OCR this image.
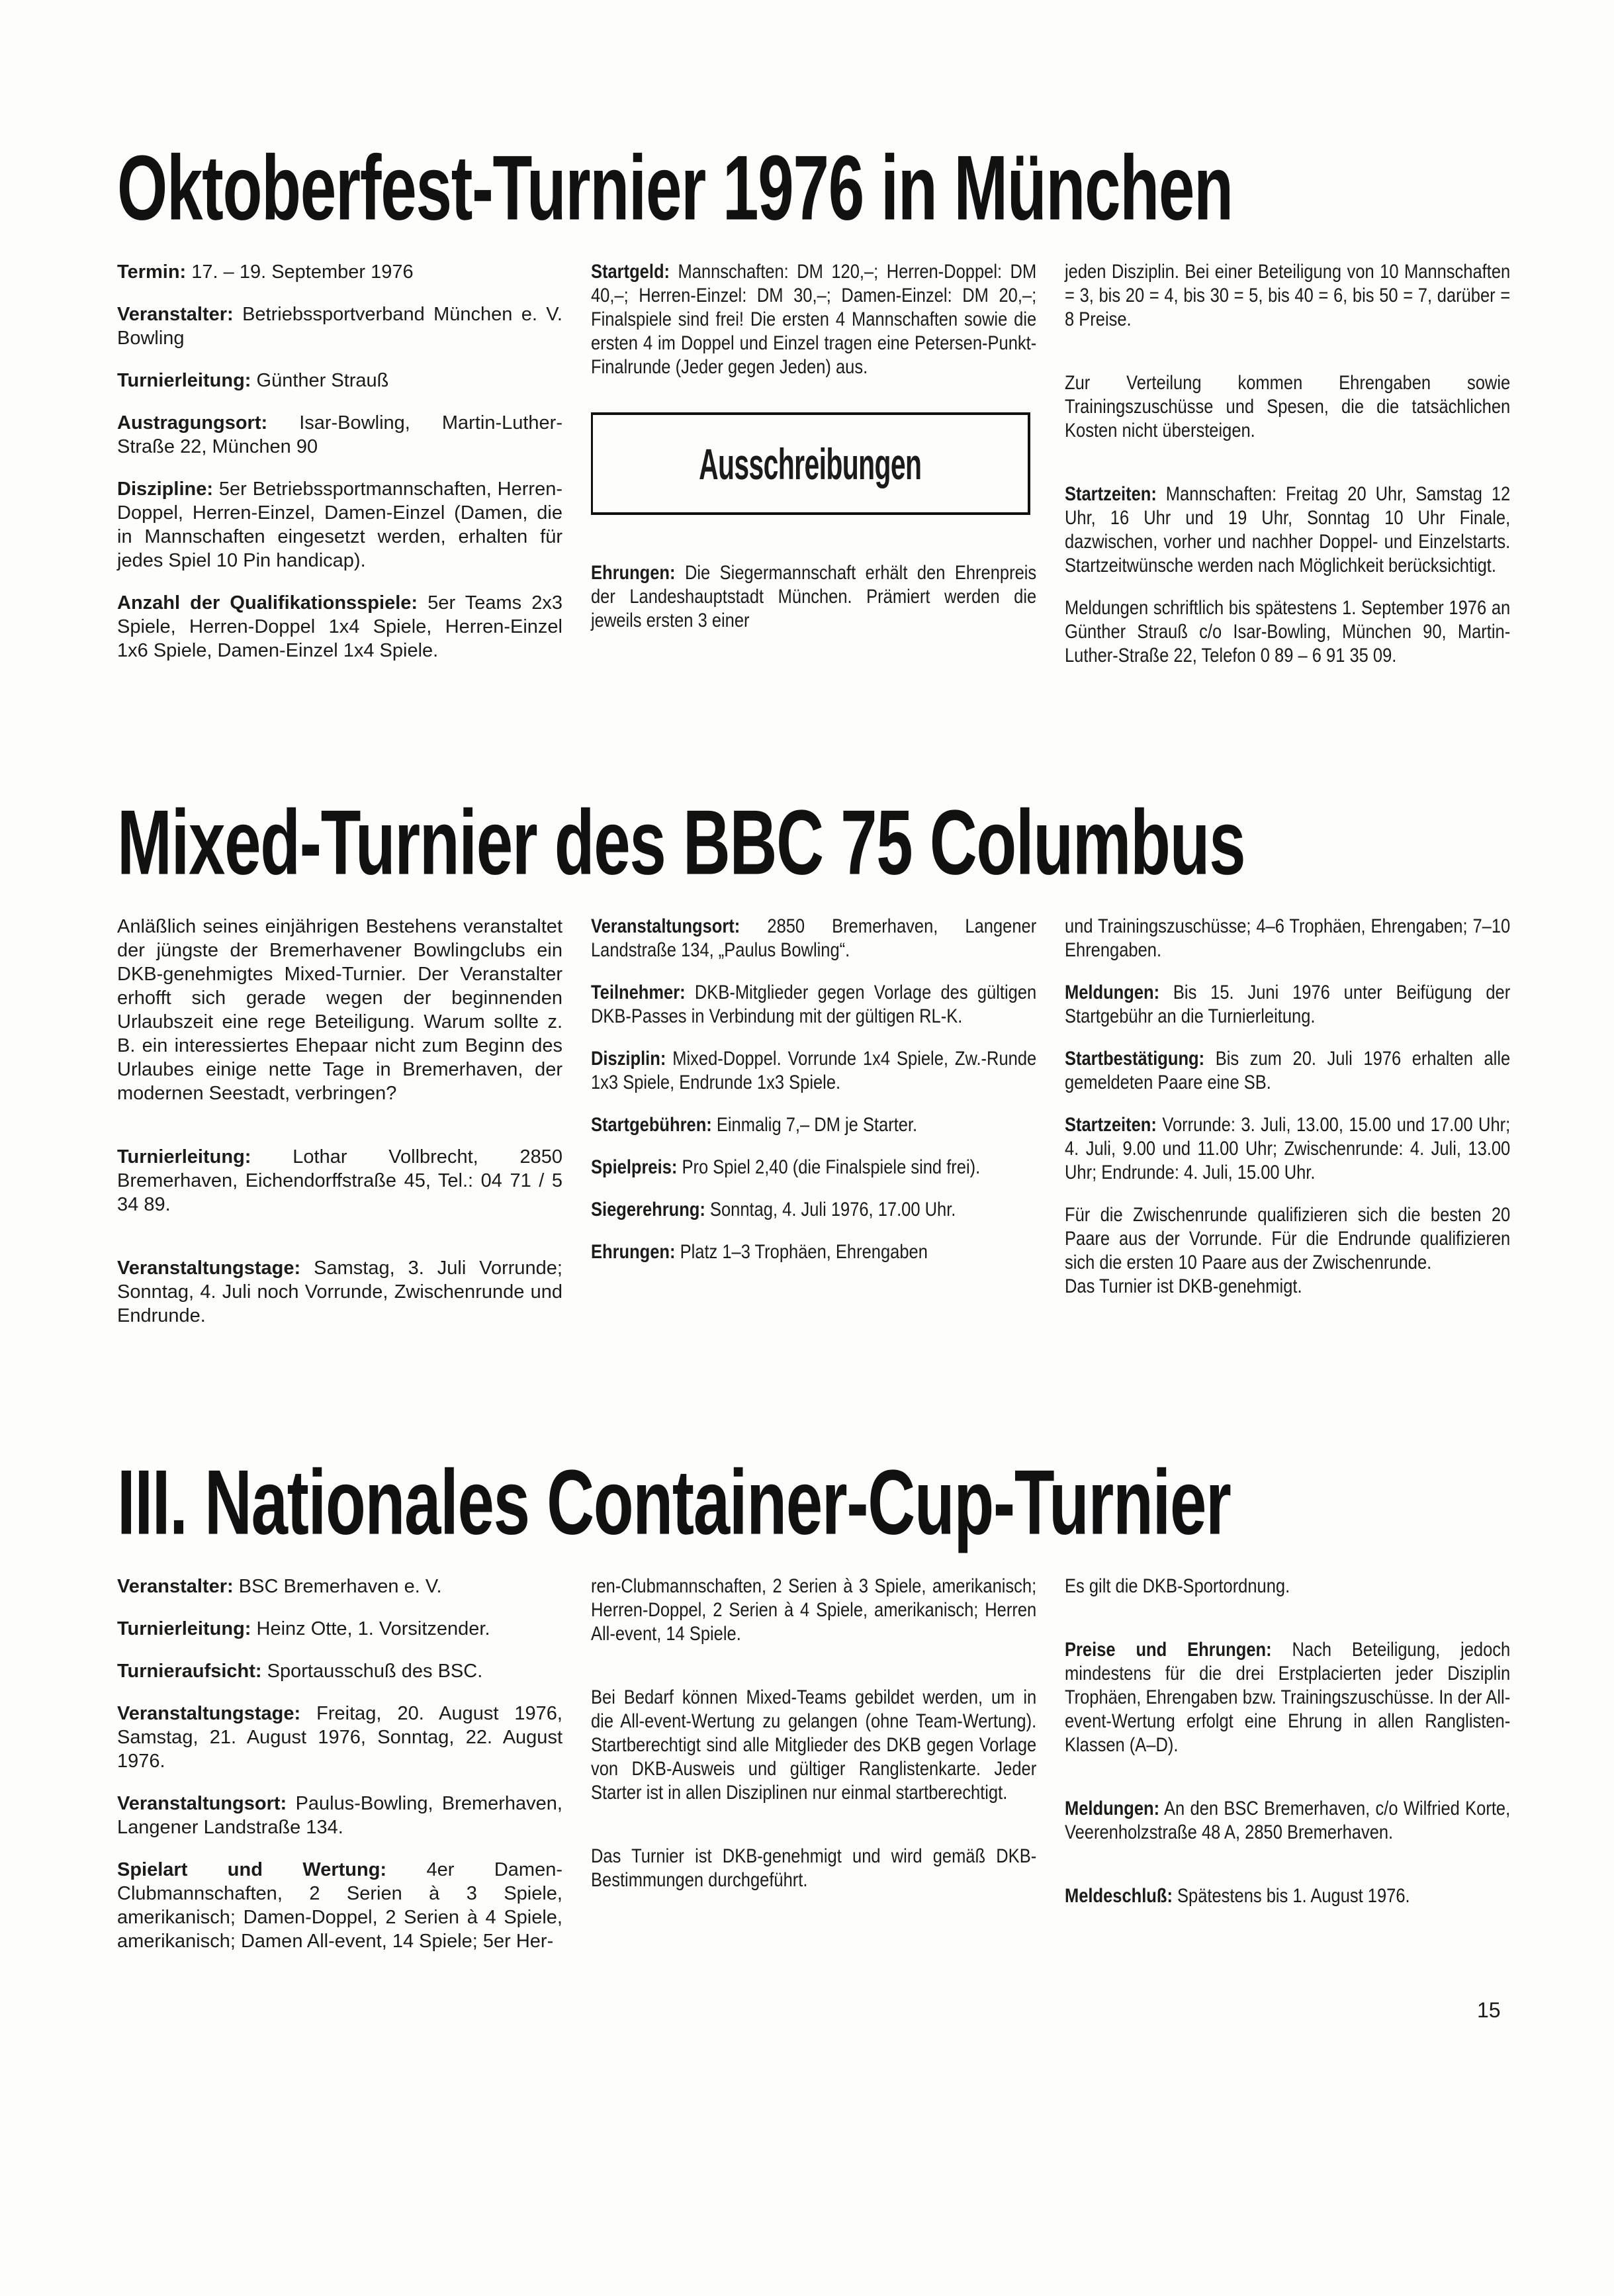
Oktoberfest-Turnier 1976 in München

Termin: 17. – 19. September 1976

Veranstalter: Betriebssportverband München e. V. Bowling

Turnierleitung: Günther Strauß

Austragungsort: Isar-Bowling, Martin-Luther-Straße 22, München 90

Diszipline: 5er Betriebssportmannschaften, Herren-Doppel, Herren-Einzel, Damen-Einzel (Damen, die in Mannschaften eingesetzt werden, erhalten für jedes Spiel 10 Pin handicap).

Anzahl der Qualifikationsspiele: 5er Teams 2x3 Spiele, Herren-Doppel 1x4 Spiele, Herren-Einzel 1x6 Spiele, Damen-Einzel 1x4 Spiele.

Startgeld: Mannschaften: DM 120,–; Herren-Doppel: DM 40,–; Herren-Einzel: DM 30,–; Damen-Einzel: DM 20,–; Finalspiele sind frei! Die ersten 4 Mannschaften sowie die ersten 4 im Doppel und Einzel tragen eine Petersen-Punkt-Finalrunde (Jeder gegen Jeden) aus.

Ausschreibungen

Ehrungen: Die Siegermannschaft erhält den Ehrenpreis der Landeshauptstadt München. Prämiert werden die jeweils ersten 3 einer

jeden Disziplin. Bei einer Beteiligung von 10 Mannschaften = 3, bis 20 = 4, bis 30 = 5, bis 40 = 6, bis 50 = 7, darüber = 8 Preise.

Zur Verteilung kommen Ehrengaben sowie Trainingszuschüsse und Spesen, die die tatsächlichen Kosten nicht übersteigen.

Startzeiten: Mannschaften: Freitag 20 Uhr, Samstag 12 Uhr, 16 Uhr und 19 Uhr, Sonntag 10 Uhr Finale, dazwischen, vorher und nachher Doppel- und Einzelstarts. Startzeitwünsche werden nach Möglichkeit berücksichtigt.

Meldungen schriftlich bis spätestens 1. September 1976 an Günther Strauß c/o Isar-Bowling, München 90, Martin-Luther-Straße 22, Telefon 0 89 – 6 91 35 09.

Mixed-Turnier des BBC 75 Columbus

Anläßlich seines einjährigen Bestehens veranstaltet der jüngste der Bremerhavener Bowlingclubs ein DKB-genehmigtes Mixed-Turnier. Der Veranstalter erhofft sich gerade wegen der beginnenden Urlaubszeit eine rege Beteiligung. Warum sollte z. B. ein interessiertes Ehepaar nicht zum Beginn des Urlaubes einige nette Tage in Bremerhaven, der modernen Seestadt, verbringen?

Turnierleitung: Lothar Vollbrecht, 2850 Bremerhaven, Eichendorffstraße 45, Tel.: 04 71 / 5 34 89.

Veranstaltungstage: Samstag, 3. Juli Vorrunde; Sonntag, 4. Juli noch Vorrunde, Zwischenrunde und Endrunde.

Veranstaltungsort: 2850 Bremerhaven, Langener Landstraße 134, „Paulus Bowling“.

Teilnehmer: DKB-Mitglieder gegen Vorlage des gültigen DKB-Passes in Verbindung mit der gültigen RL-K.

Disziplin: Mixed-Doppel. Vorrunde 1x4 Spiele, Zw.-Runde 1x3 Spiele, Endrunde 1x3 Spiele.

Startgebühren: Einmalig 7,– DM je Starter.

Spielpreis: Pro Spiel 2,40 (die Finalspiele sind frei).

Siegerehrung: Sonntag, 4. Juli 1976, 17.00 Uhr.

Ehrungen: Platz 1–3 Trophäen, Ehrengaben

und Trainingszuschüsse; 4–6 Trophäen, Ehrengaben; 7–10 Ehrengaben.

Meldungen: Bis 15. Juni 1976 unter Beifügung der Startgebühr an die Turnierleitung.

Startbestätigung: Bis zum 20. Juli 1976 erhalten alle gemeldeten Paare eine SB.

Startzeiten: Vorrunde: 3. Juli, 13.00, 15.00 und 17.00 Uhr; 4. Juli, 9.00 und 11.00 Uhr; Zwischenrunde: 4. Juli, 13.00 Uhr; Endrunde: 4. Juli, 15.00 Uhr.

Für die Zwischenrunde qualifizieren sich die besten 20 Paare aus der Vorrunde. Für die Endrunde qualifizieren sich die ersten 10 Paare aus der Zwischenrunde.

Das Turnier ist DKB-genehmigt.

III. Nationales Container-Cup-Turnier

Veranstalter: BSC Bremerhaven e. V.

Turnierleitung: Heinz Otte, 1. Vorsitzender.

Turnieraufsicht: Sportausschuß des BSC.

Veranstaltungstage: Freitag, 20. August 1976, Samstag, 21. August 1976, Sonntag, 22. August 1976.

Veranstaltungsort: Paulus-Bowling, Bremerhaven, Langener Landstraße 134.

Spielart und Wertung: 4er Damen-Clubmannschaften, 2 Serien à 3 Spiele, amerikanisch; Damen-Doppel, 2 Serien à 4 Spiele, amerikanisch; Damen All-event, 14 Spiele; 5er Her-

ren-Clubmannschaften, 2 Serien à 3 Spiele, amerikanisch; Herren-Doppel, 2 Serien à 4 Spiele, amerikanisch; Herren All-event, 14 Spiele.

Bei Bedarf können Mixed-Teams gebildet werden, um in die All-event-Wertung zu gelangen (ohne Team-Wertung). Startberechtigt sind alle Mitglieder des DKB gegen Vorlage von DKB-Ausweis und gültiger Ranglistenkarte. Jeder Starter ist in allen Disziplinen nur einmal startberechtigt.

Das Turnier ist DKB-genehmigt und wird gemäß DKB-Bestimmungen durchgeführt.

Es gilt die DKB-Sportordnung.

Preise und Ehrungen: Nach Beteiligung, jedoch mindestens für die drei Erstplacierten jeder Disziplin Trophäen, Ehrengaben bzw. Trainingszuschüsse. In der All-event-Wertung erfolgt eine Ehrung in allen Ranglisten-Klassen (A–D).

Meldungen: An den BSC Bremerhaven, c/o Wilfried Korte, Veerenholzstraße 48 A, 2850 Bremerhaven.

Meldeschluß: Spätestens bis 1. August 1976.

15
